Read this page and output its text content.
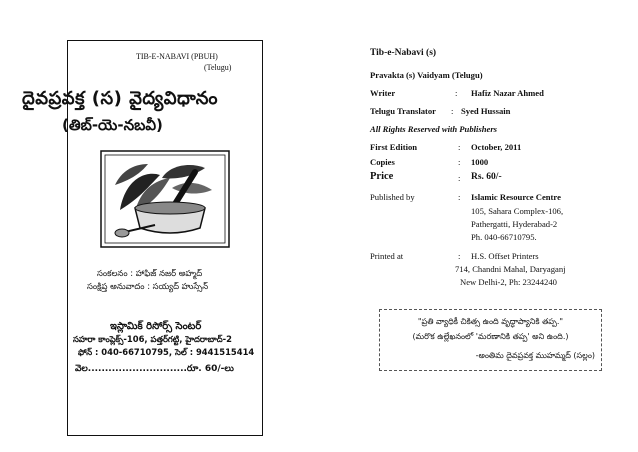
TIB-E-NABAVI (PBUH)
(Telugu)
దైవప్రవక్త (స) వైద్యవిధానం
(తిబ్-యె-నబవీ)
సంకలనం : హాఫిజ్ నజర్ అహ్మద్
సంక్షిప్త అనువాదం : సయ్యద్ హుస్సేన్
ఇస్లామిక్ రిసోర్స్ సెంటర్
సహరా కాంప్లెక్స్-106, పత్తర్‌గట్టి, హైదరాబాద్-2
ఫోన్ : 040-66710795, సెల్ : 9441515414
వెల.............................రూ. 60/-లు
Tib-e-Nabavi (s)
Pravakta (s) Vaidyam (Telugu)
Writer	: Hafiz Nazar Ahmed
Telugu Translator : Syed Hussain
All Rights Reserved with Publishers
First Edition	: October, 2011
Copies	: 1000
Price	: Rs. 60/-
Published by	: Islamic Resource Centre
105, Sahara Complex-106,
Pathergatti, Hyderabad-2
Ph. 040-66710795.
Printed at	: H.S. Offset Printers
714, Chandni Mahal, Daryaganj
New Delhi-2, Ph: 23244240
"ప్రతి వ్యాధికీ చికిత్స ఉంది వృద్ధాప్యానికి తప్ప."
(మరొక ఉల్లేఖనంలో 'మరణానికి తప్ప' అని ఉంది.)
-అంతిమ దైవప్రవక్త ముహమ్మద్ (సల్లం)
